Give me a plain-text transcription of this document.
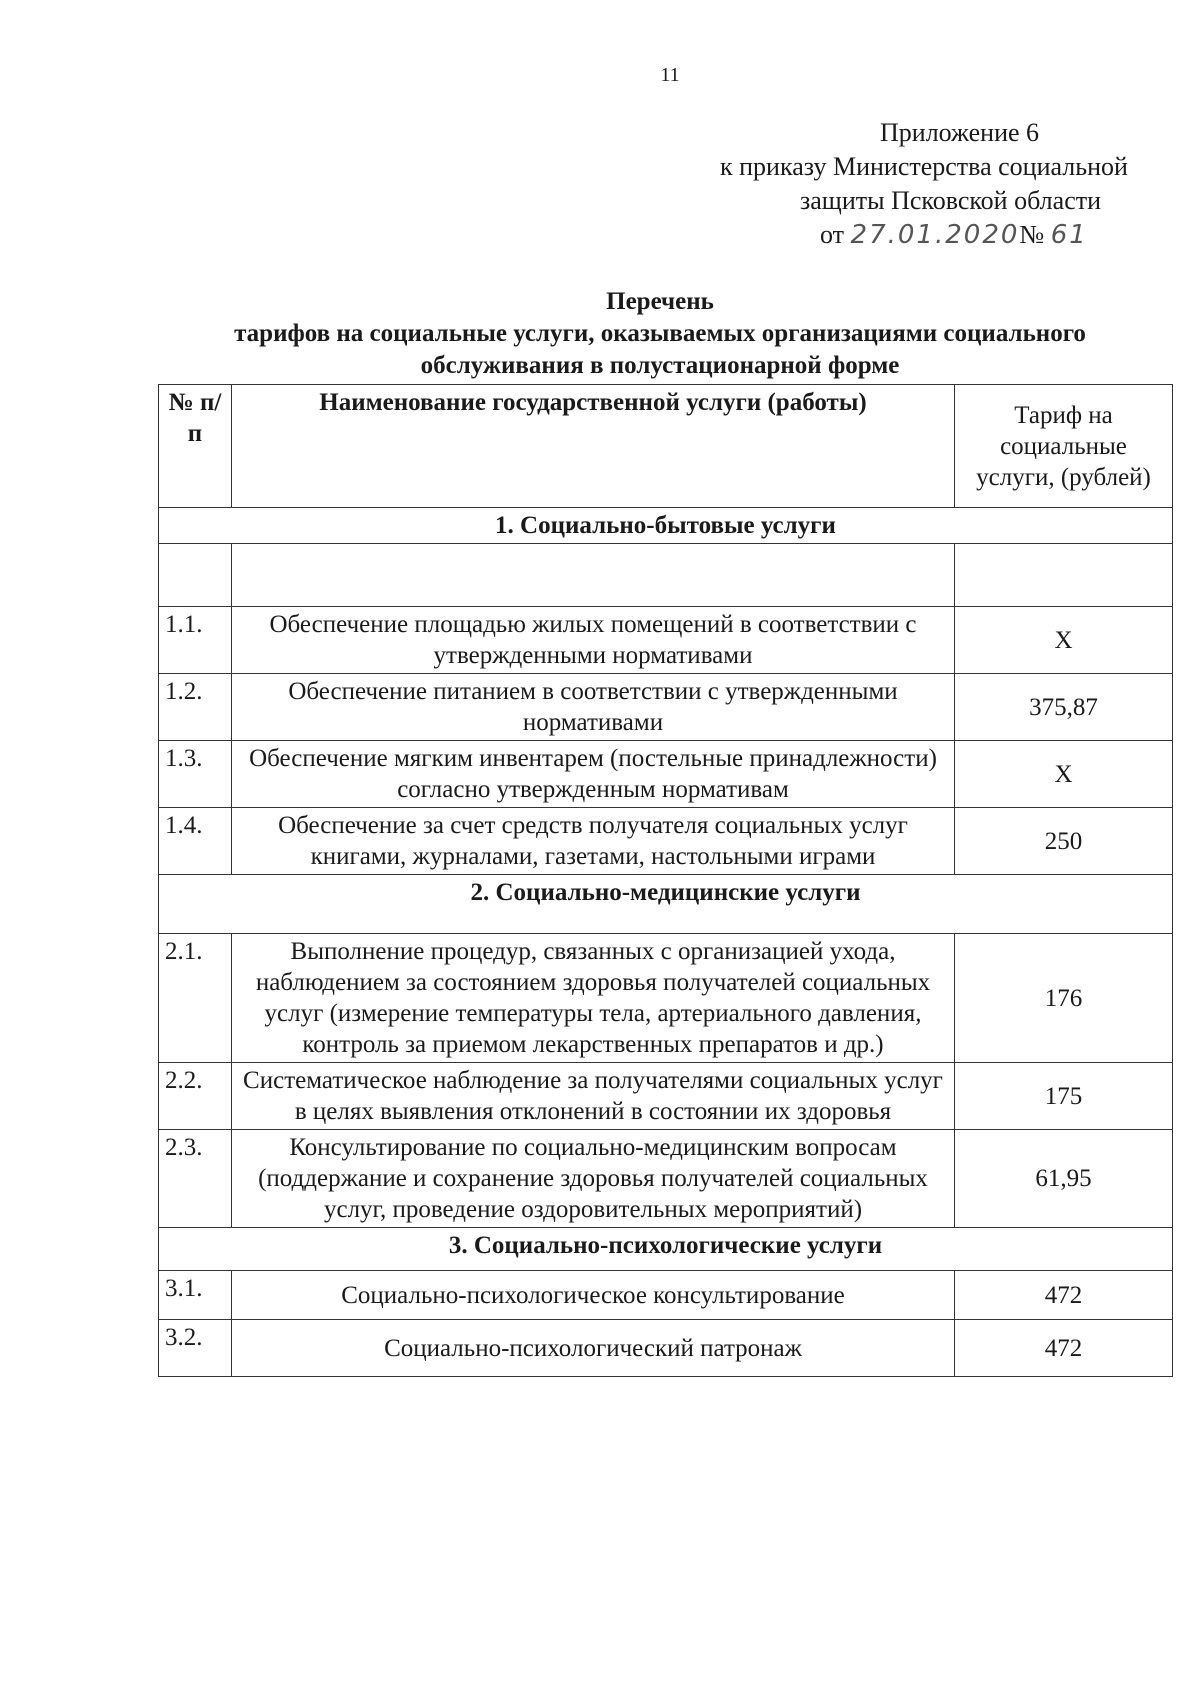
11
Приложение 6
к приказу Министерства социальной
защиты Псковской области
от 27.01.2020№ 61
Перечень
тарифов на социальные услуги, оказываемых организациями социального
обслуживания в полустационарной форме
№ п/п	Наименование государственной услуги (работы)	Тариф на социальные услуги, (рублей)
1. Социально-бытовые услуги		

1.1.	Обеспечение площадью жилых помещений в соответствии с утвержденными нормативами	Х
1.2.	Обеспечение питанием в соответствии с утвержденными нормативами	375,87
1.3.	Обеспечение мягким инвентарем (постельные принадлежности) согласно утвержденным нормативам	Х
1.4.	Обеспечение за счет средств получателя социальных услуг книгами, журналами, газетами, настольными играми	250
2. Социально-медицинские услуги		
2.1.	Выполнение процедур, связанных с организацией ухода, наблюдением за состоянием здоровья получателей социальных услуг (измерение температуры тела, артериального давления, контроль за приемом лекарственных препаратов и др.)	176
2.2.	Систематическое наблюдение за получателями социальных услуг в целях выявления отклонений в состоянии их здоровья	175
2.3.	Консультирование по социально-медицинским вопросам (поддержание и сохранение здоровья получателей социальных услуг, проведение оздоровительных мероприятий)	61,95
3. Социально-психологические услуги		
3.1.	Социально-психологическое консультирование	472
3.2.	Социально-психологический патронаж	472
